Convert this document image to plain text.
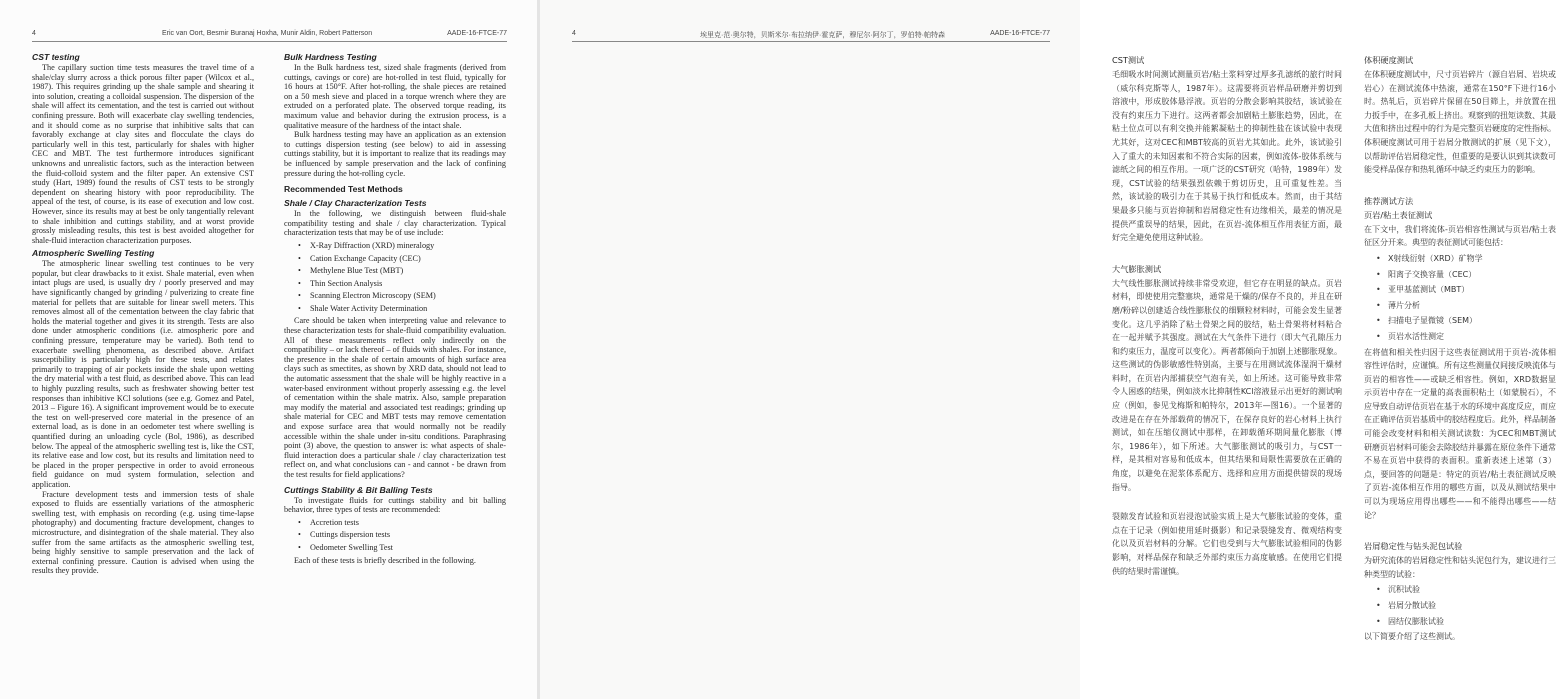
4	Eric van Oort, Besmir Buranaj Hoxha, Munir Aldin, Robert Patterson	AADE-16-FTCE-77
CST testing

The capillary suction time tests measures the travel time of a shale/clay slurry across a thick porous filter paper (Wilcox et al., 1987). This requires grinding up the shale sample and shearing it into solution, creating a colloidal suspension. The dispersion of the shale will affect its cementation, and the test is carried out without confining pressure. Both will exacerbate clay swelling tendencies, and it should come as no surprise that inhibitive salts that can favorably exchange at clay sites and flocculate the clays do particularly well in this test, particularly for shales with higher CEC and MBT. The test furthermore introduces significant unknowns and unrealistic factors, such as the interaction between the fluid-colloid system and the filter paper. An extensive CST study (Hart, 1989) found the results of CST tests to be strongly dependent on shearing history with poor reproducibility. The appeal of the test, of course, is its ease of execution and low cost. However, since its results may at best be only tangentially relevant to shale inhibition and cuttings stability, and at worst provide grossly misleading results, this test is best avoided altogether for shale-fluid interaction characterization purposes.

Atmospheric Swelling Testing

The atmospheric linear swelling test continues to be very popular, but clear drawbacks to it exist. Shale material, even when intact plugs are used, is usually dry / poorly preserved and may have significantly changed by grinding / pulverizing to create fine material for pellets that are suitable for linear swell meters. This removes almost all of the cementation between the clay fabric that holds the material together and gives it its strength. Tests are also done under atmospheric conditions (i.e. atmospheric pore and confining pressure, temperature may be varied). Both tend to exacerbate swelling phenomena, as described above. Artifact susceptibility is particularly high for these tests, and relates primarily to trapping of air pockets inside the shale upon wetting the dry material with a test fluid, as described above. This can lead to highly puzzling results, such as freshwater showing better test responses than inhibitive KCl solutions (see e.g. Gomez and Patel, 2013 – Figure 16). A significant improvement would be to execute the test on well-preserved core material in the presence of an external load, as is done in an oedometer test where swelling is quantified during an unloading cycle (Bol, 1986), as described below. The appeal of the atmospheric swelling test is, like the CST, its relative ease and low cost, but its results and limitation need to be placed in the proper perspective in order to avoid erroneous field guidance on mud system formulation, selection and application.

Fracture development tests and immersion tests of shale exposed to fluids are essentially variations of the atmospheric swelling test, with emphasis on recording (e.g. using time-lapse photography) and documenting fracture development, changes to microstructure, and disintegration of the shale material. They also suffer from the same artifacts as the atmospheric swelling test, being highly sensitive to sample preservation and the lack of external confining pressure. Caution is advised when using the results they provide.

Bulk Hardness Testing

In the Bulk hardness test, sized shale fragments (derived from cuttings, cavings or core) are hot-rolled in test fluid, typically for 16 hours at 150°F. After hot-rolling, the shale pieces are retained on a 50 mesh sieve and placed in a torque wrench where they are extruded on a perforated plate. The observed torque reading, its maximum value and behavior during the extrusion process, is a qualitative measure of the hardness of the intact shale.

Bulk hardness testing may have an application as an extension to cuttings dispersion testing (see below) to aid in assessing cuttings stability, but it is important to realize that its readings may be influenced by sample preservation and the lack of confining pressure during the hot-rolling cycle.

Recommended Test Methods
Shale / Clay Characterization Tests

In the following, we distinguish between fluid-shale compatibility testing and shale / clay characterization. Typical characterization tests that may be of use include:

• X-Ray Diffraction (XRD) mineralogy
• Cation Exchange Capacity (CEC)
• Methylene Blue Test (MBT)
• Thin Section Analysis
• Scanning Electron Microscopy (SEM)
• Shale Water Activity Determination

Care should be taken when interpreting value and relevance to these characterization tests for shale-fluid compatibility evaluation. All of these measurements reflect only indirectly on the compatibility – or lack thereof – of fluids with shales. For instance, the presence in the shale of certain amounts of high surface area clays such as smectites, as shown by XRD data, should not lead to the automatic assessment that the shale will be highly reactive in a water-based environment without properly assessing e.g. the level of cementation within the shale matrix. Also, sample preparation may modify the material and associated test readings; grinding up shale material for CEC and MBT tests may remove cementation and expose surface area that would normally not be readily accessible within the shale under in-situ conditions. Paraphrasing point (3) above, the question to answer is: what aspects of shale-fluid interaction does a particular shale / clay characterization test reflect on, and what conclusions can - and cannot - be drawn from the test results for field applications?

Cuttings Stability & Bit Balling Tests

To investigate fluids for cuttings stability and bit balling behavior, three types of tests are recommended:

• Accretion tests
• Cuttings dispersion tests
• Oedometer Swelling Test

Each of these tests is briefly described in the following.

4	埃里克·范·奥尔特，贝斯米尔·布拉纳伊·霍克萨，穆尼尔·阿尔丁，罗伯特·帕特森	AADE-16-FTCE-77
CST测试

毛细吸水时间测试测量页岩/粘土浆料穿过厚多孔滤纸的旅行时间（威尔科克斯等人，1987年）。这需要将页岩样品研磨并剪切到溶液中，形成胶体悬浮液。页岩的分散会影响其胶结，该试验在没有约束压力下进行。这两者都会加剧粘土膨胀趋势，因此，在粘土位点可以有利交换并能絮凝粘土的抑制性盐在该试验中表现尤其好，这对CEC和MBT较高的页岩尤其如此。此外，该试验引入了重大的未知因素和不符合实际的因素，例如流体-胶体系统与滤纸之间的相互作用。一项广泛的CST研究（哈特，1989年）发现，CST试验的结果强烈依赖于剪切历史，且可重复性差。当然，该试验的吸引力在于其易于执行和低成本。然而，由于其结果最多只能与页岩抑制和岩屑稳定性有边缘相关，最差的情况是提供严重误导的结果，因此，在页岩-流体相互作用表征方面，最好完全避免使用这种试验。

大气膨胀测试

大气线性膨胀测试持续非常受欢迎，但它存在明显的缺点。页岩材料，即使使用完整塞块，通常是干燥的/保存不良的，并且在研磨/粉碎以创建适合线性膨胀仪的细颗粒材料时，可能会发生显著变化。这几乎消除了粘土骨架之间的胶结，粘土骨架将材料粘合在一起并赋予其强度。测试在大气条件下进行（即大气孔隙压力和约束压力，温度可以变化）。两者都倾向于加剧上述膨胀现象。这些测试的伪影敏感性特别高，主要与在用测试流体湿润干燥材料时，在页岩内部捕获空气泡有关，如上所述。这可能导致非常令人困惑的结果，例如淡水比抑制性KCl溶液显示出更好的测试响应（例如，参见戈梅斯和帕特尔，2013年—图16）。一个显著的改进是在存在外部载荷的情况下，在保存良好的岩心材料上执行测试，如在压缩仪测试中那样，在卸载循环期间量化膨胀（博尔，1986年），如下所述。大气膨胀测试的吸引力，与CST一样，是其相对容易和低成本，但其结果和局限性需要放在正确的角度，以避免在泥浆体系配方、选择和应用方面提供错误的现场指导。

裂隙发育试验和页岩浸泡试验实质上是大气膨胀试验的变体，重点在于记录（例如使用延时摄影）和记录裂缝发育、微观结构变化以及页岩材料的分解。它们也受到与大气膨胀试验相同的伪影影响，对样品保存和缺乏外部约束压力高度敏感。在使用它们提供的结果时需谨慎。

体积硬度测试

在体积硬度测试中，尺寸页岩碎片（源自岩屑、岩块或岩心）在测试流体中热滚，通常在150°F下进行16小时。热轧后，页岩碎片保留在50目筛上，并放置在扭力扳手中，在多孔板上挤出。观察到的扭矩读数、其最大值和挤出过程中的行为是完整页岩硬度的定性指标。

体积硬度测试可用于岩屑分散测试的扩展（见下文），以帮助评估岩屑稳定性，但重要的是要认识到其读数可能受样品保存和热轧循环中缺乏约束压力的影响。

推荐测试方法
页岩/粘土表征测试

在下文中，我们将流体-页岩相容性测试与页岩/粘土表征区分开来。典型的表征测试可能包括：

• X射线衍射（XRD）矿物学
• 阳离子交换容量（CEC）
• 亚甲基蓝测试（MBT）
• 薄片分析
• 扫描电子显微镜（SEM）
• 页岩水活性测定

在将值和相关性归因于这些表征测试用于页岩-流体相容性评估时，应谨慎。所有这些测量仅间接反映流体与页岩的相容性——或缺乏相容性。例如，XRD数据显示页岩中存在一定量的高表面积粘土（如蒙脱石），不应导致自动评估页岩在基于水的环境中高度反应，而应在正确评估页岩基质中的胶结程度后。此外，样品制备可能会改变材料和相关测试读数：为CEC和MBT测试研磨页岩材料可能会去除胶结并暴露在原位条件下通常不易在页岩中获得的表面积。重新表述上述第（3）点，要回答的问题是：特定的页岩/粘土表征测试反映了页岩-流体相互作用的哪些方面，以及从测试结果中可以为现场应用得出哪些——和不能得出哪些——结论？

岩屑稳定性与钻头泥包试验

为研究流体的岩屑稳定性和钻头泥包行为，建议进行三种类型的试验：

• 沉积试验
• 岩屑分散试验
• 固结仪膨胀试验

以下简要介绍了这些测试。
